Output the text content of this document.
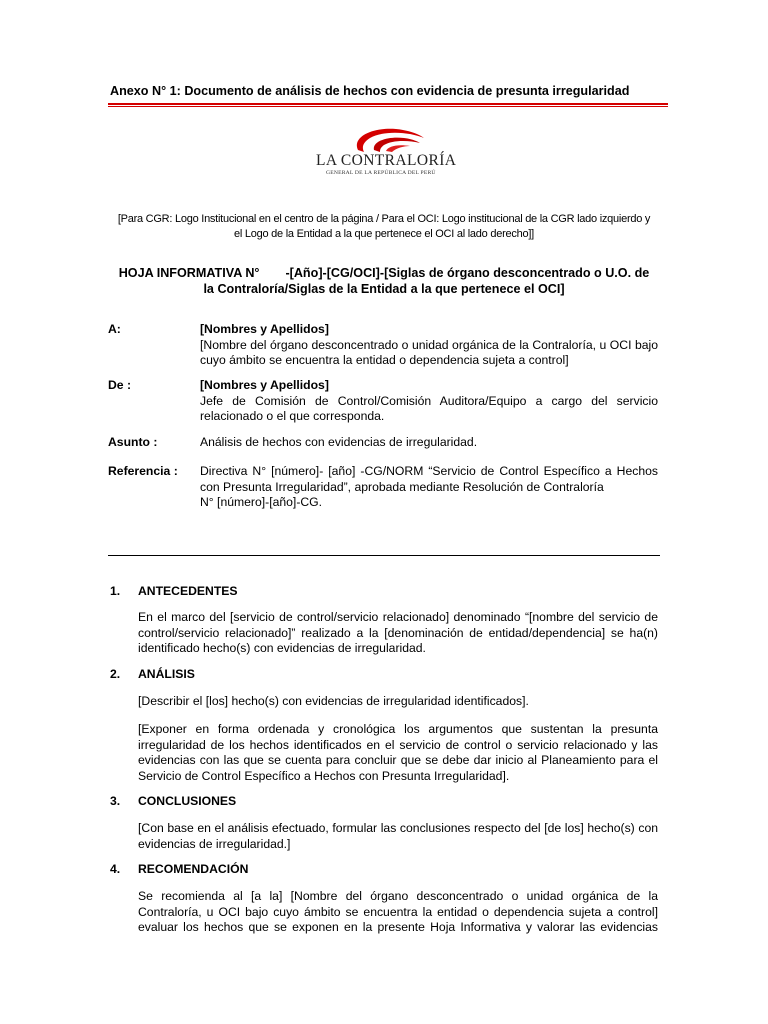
Anexo N° 1: Documento de análisis de hechos con evidencia de presunta irregularidad
LA CONTRALORÍA
GENERAL DE LA REPÚBLICA DEL PERÚ
[Para CGR: Logo Institucional en el centro de la página / Para el OCI: Logo institucional de la CGR lado izquierdo y
el Logo de la Entidad a la que pertenece el OCI al lado derecho]]
HOJA INFORMATIVA N° -[Año]-[CG/OCI]-[Siglas de órgano desconcentrado o U.O. de
la Contraloría/Siglas de la Entidad a la que pertenece el OCI]
A:	[Nombres y Apellidos]
[Nombre del órgano desconcentrado o unidad orgánica de la Contraloría, u OCI bajo cuyo ámbito se encuentra la entidad o dependencia sujeta a control]
De :	[Nombres y Apellidos]
Jefe de Comisión de Control/Comisión Auditora/Equipo a cargo del servicio relacionado o el que corresponda.
Asunto :	Análisis de hechos con evidencias de irregularidad.
Referencia : Directiva N° [número]- [año] -CG/NORM “Servicio de Control Específico a Hechos con Presunta Irregularidad”, aprobada mediante Resolución de Contraloría
N° [número]-[año]-CG.
1. ANTECEDENTES
En el marco del [servicio de control/servicio relacionado] denominado “[nombre del servicio de control/servicio relacionado]” realizado a la [denominación de entidad/dependencia] se ha(n) identificado hecho(s) con evidencias de irregularidad.
2. ANÁLISIS
[Describir el [los] hecho(s) con evidencias de irregularidad identificados].
[Exponer en forma ordenada y cronológica los argumentos que sustentan la presunta irregularidad de los hechos identificados en el servicio de control o servicio relacionado y las evidencias con las que se cuenta para concluir que se debe dar inicio al Planeamiento para el Servicio de Control Específico a Hechos con Presunta Irregularidad].
3. CONCLUSIONES
[Con base en el análisis efectuado, formular las conclusiones respecto del [de los] hecho(s) con evidencias de irregularidad.]
4. RECOMENDACIÓN
Se recomienda al [a la] [Nombre del órgano desconcentrado o unidad orgánica de la Contraloría, u OCI bajo cuyo ámbito se encuentra la entidad o dependencia sujeta a control] evaluar los hechos que se exponen en la presente Hoja Informativa y valorar las evidencias
